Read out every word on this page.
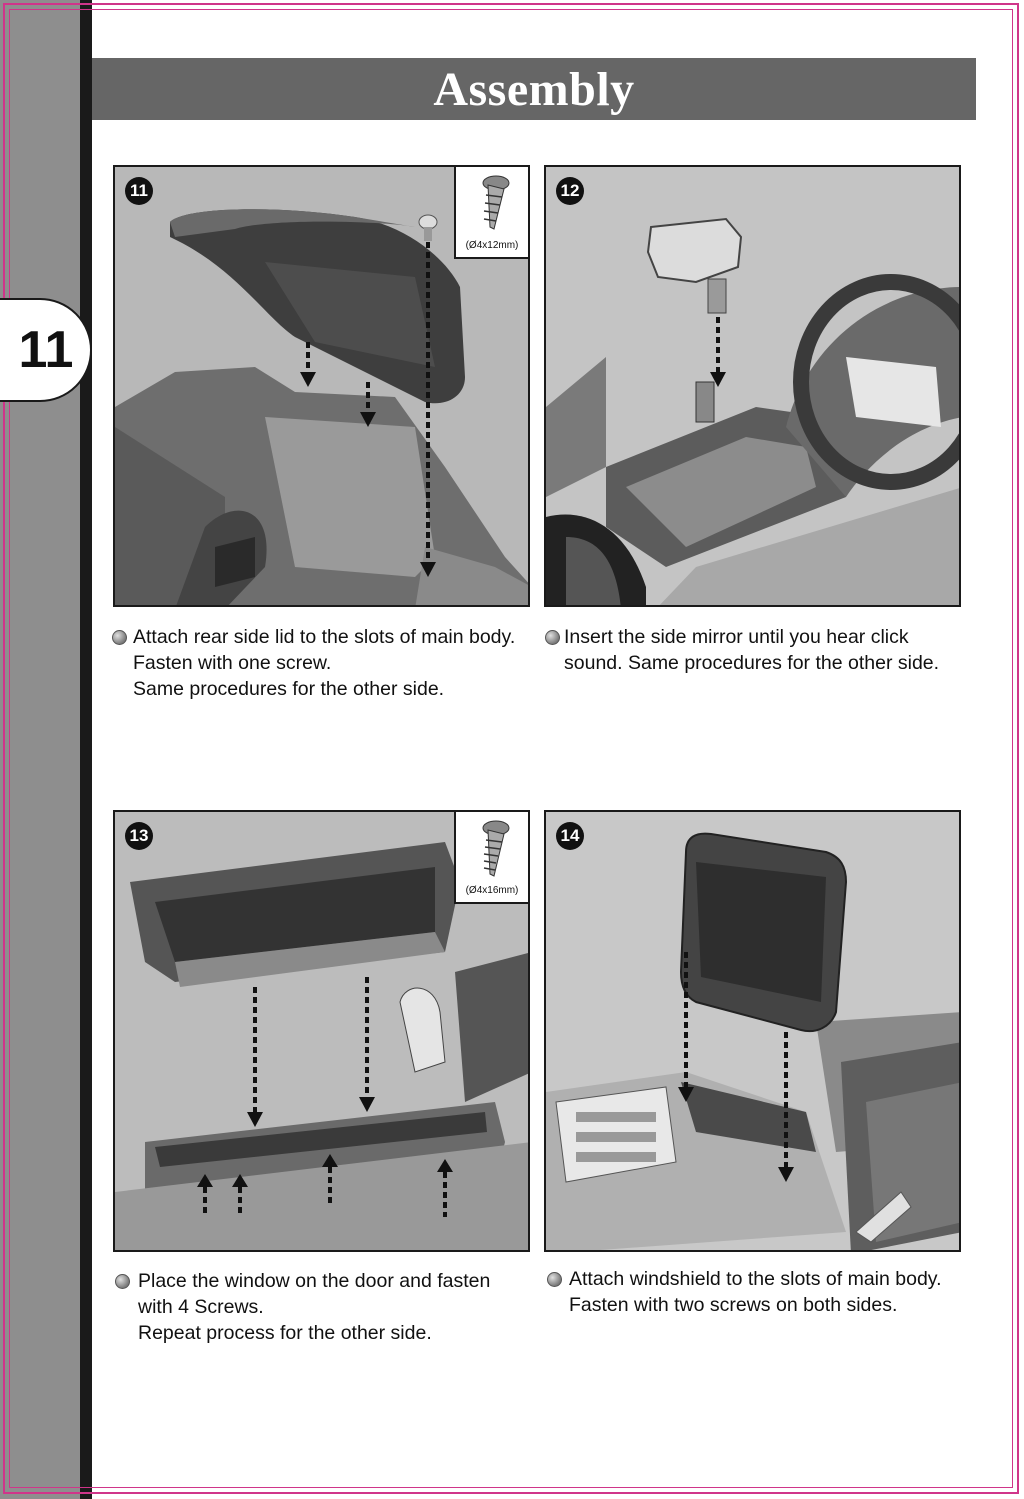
11
Assembly
11
(Ø4x12mm)
Attach rear side lid to the slots of main body.
Fasten with one screw.
Same procedures for the other side.
12
Insert the side mirror until you hear click
sound. Same procedures for the other side.
13
(Ø4x16mm)
Place the window on the door and fasten
with 4 Screws.
Repeat process for the other side.
14
Attach windshield to the slots of main body.
Fasten with two screws on both sides.
